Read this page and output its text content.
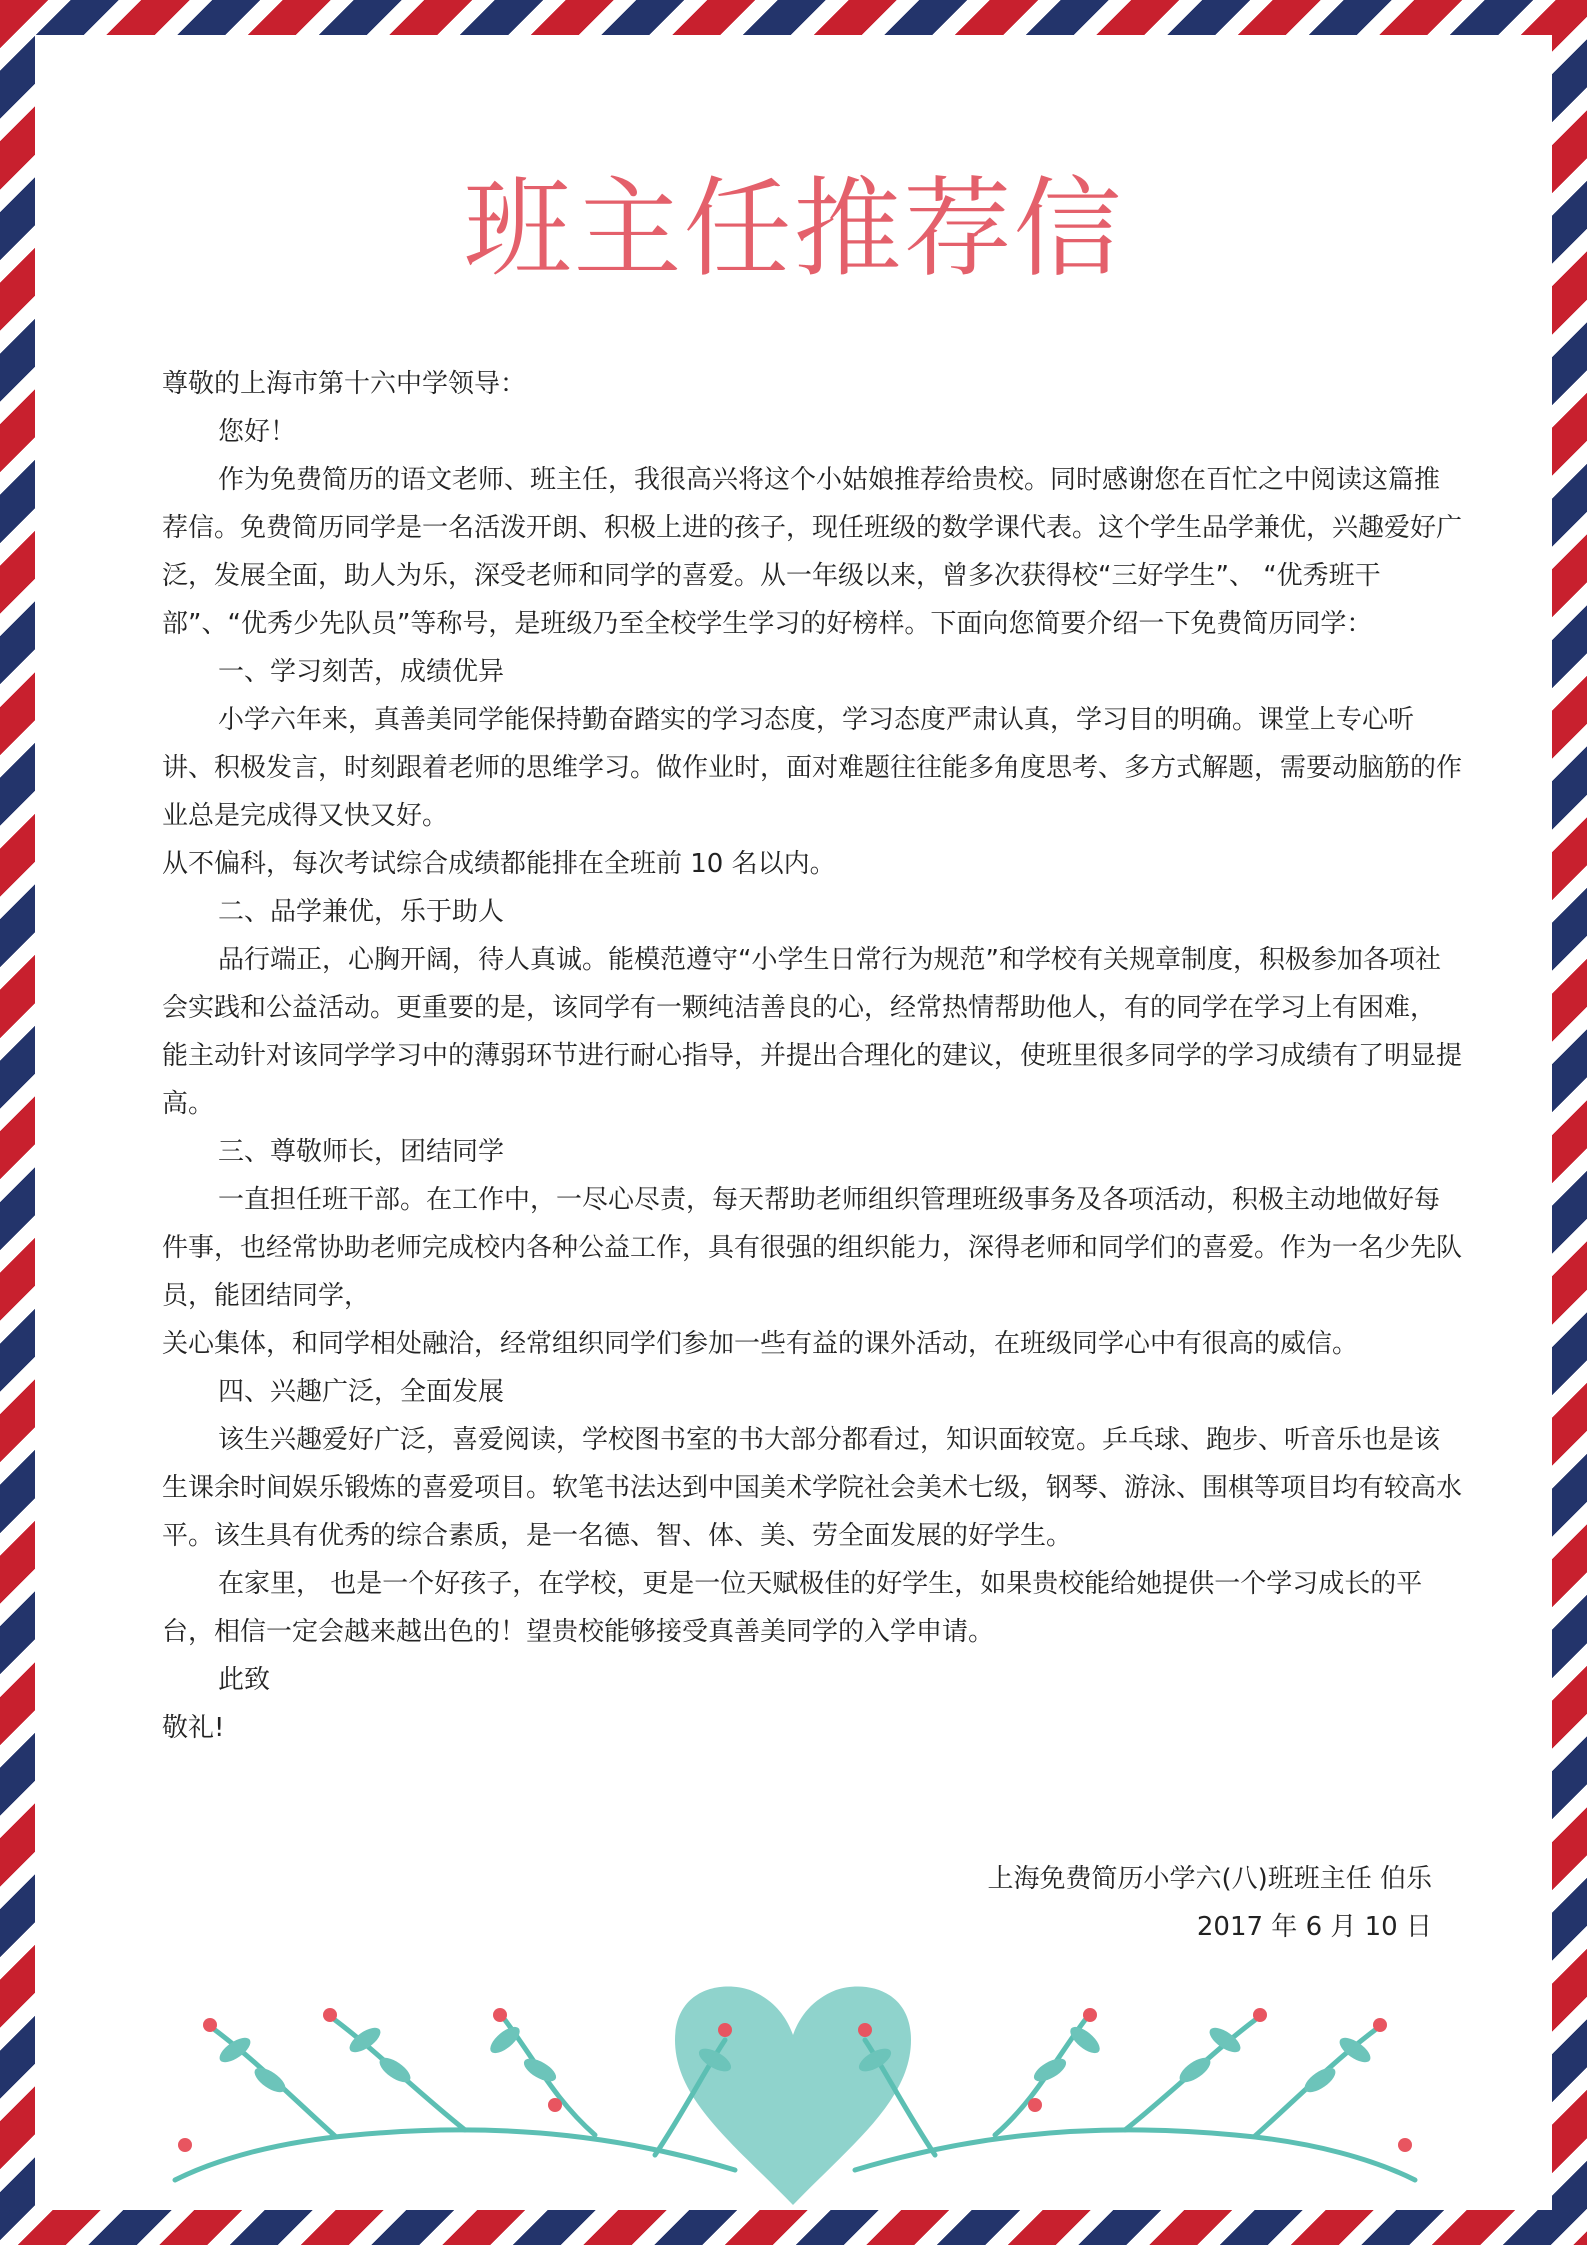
班主任推荐信

尊敬的上海市第十六中学领导：

您好！

作为免费简历的语文老师、班主任，我很高兴将这个小姑娘推荐给贵校。同时感谢您在百忙之中阅读这篇推荐信。免费简历同学是一名活泼开朗、积极上进的孩子，现任班级的数学课代表。这个学生品学兼优，兴趣爱好广泛，发展全面，助人为乐，深受老师和同学的喜爱。从一年级以来，曾多次获得校“三好学生”、 “优秀班干部”、“优秀少先队员”等称号，是班级乃至全校学生学习的好榜样。下面向您简要介绍一下免费简历同学：

一、学习刻苦，成绩优异

小学六年来，真善美同学能保持勤奋踏实的学习态度，学习态度严肃认真，学习目的明确。课堂上专心听讲、积极发言，时刻跟着老师的思维学习。做作业时，面对难题往往能多角度思考、多方式解题，需要动脑筋的作业总是完成得又快又好。

从不偏科，每次考试综合成绩都能排在全班前 10 名以内。

二、品学兼优，乐于助人

品行端正，心胸开阔，待人真诚。能模范遵守“小学生日常行为规范”和学校有关规章制度，积极参加各项社会实践和公益活动。更重要的是，该同学有一颗纯洁善良的心，经常热情帮助他人，有的同学在学习上有困难，

能主动针对该同学学习中的薄弱环节进行耐心指导，并提出合理化的建议，使班里很多同学的学习成绩有了明显提高。

三、尊敬师长，团结同学

一直担任班干部。在工作中，一尽心尽责，每天帮助老师组织管理班级事务及各项活动，积极主动地做好每件事，也经常协助老师完成校内各种公益工作，具有很强的组织能力，深得老师和同学们的喜爱。作为一名少先队员，能团结同学，

关心集体，和同学相处融洽，经常组织同学们参加一些有益的课外活动，在班级同学心中有很高的威信。

四、兴趣广泛，全面发展

该生兴趣爱好广泛，喜爱阅读，学校图书室的书大部分都看过，知识面较宽。乒乓球、跑步、听音乐也是该生课余时间娱乐锻炼的喜爱项目。软笔书法达到中国美术学院社会美术七级，钢琴、游泳、围棋等项目均有较高水平。该生具有优秀的综合素质，是一名德、智、体、美、劳全面发展的好学生。

在家里， 也是一个好孩子，在学校，更是一位天赋极佳的好学生，如果贵校能给她提供一个学习成长的平台，相信一定会越来越出色的！望贵校能够接受真善美同学的入学申请。

此致

敬礼!

上海免费简历小学六(八)班班主任 伯乐

2017 年 6 月 10 日
